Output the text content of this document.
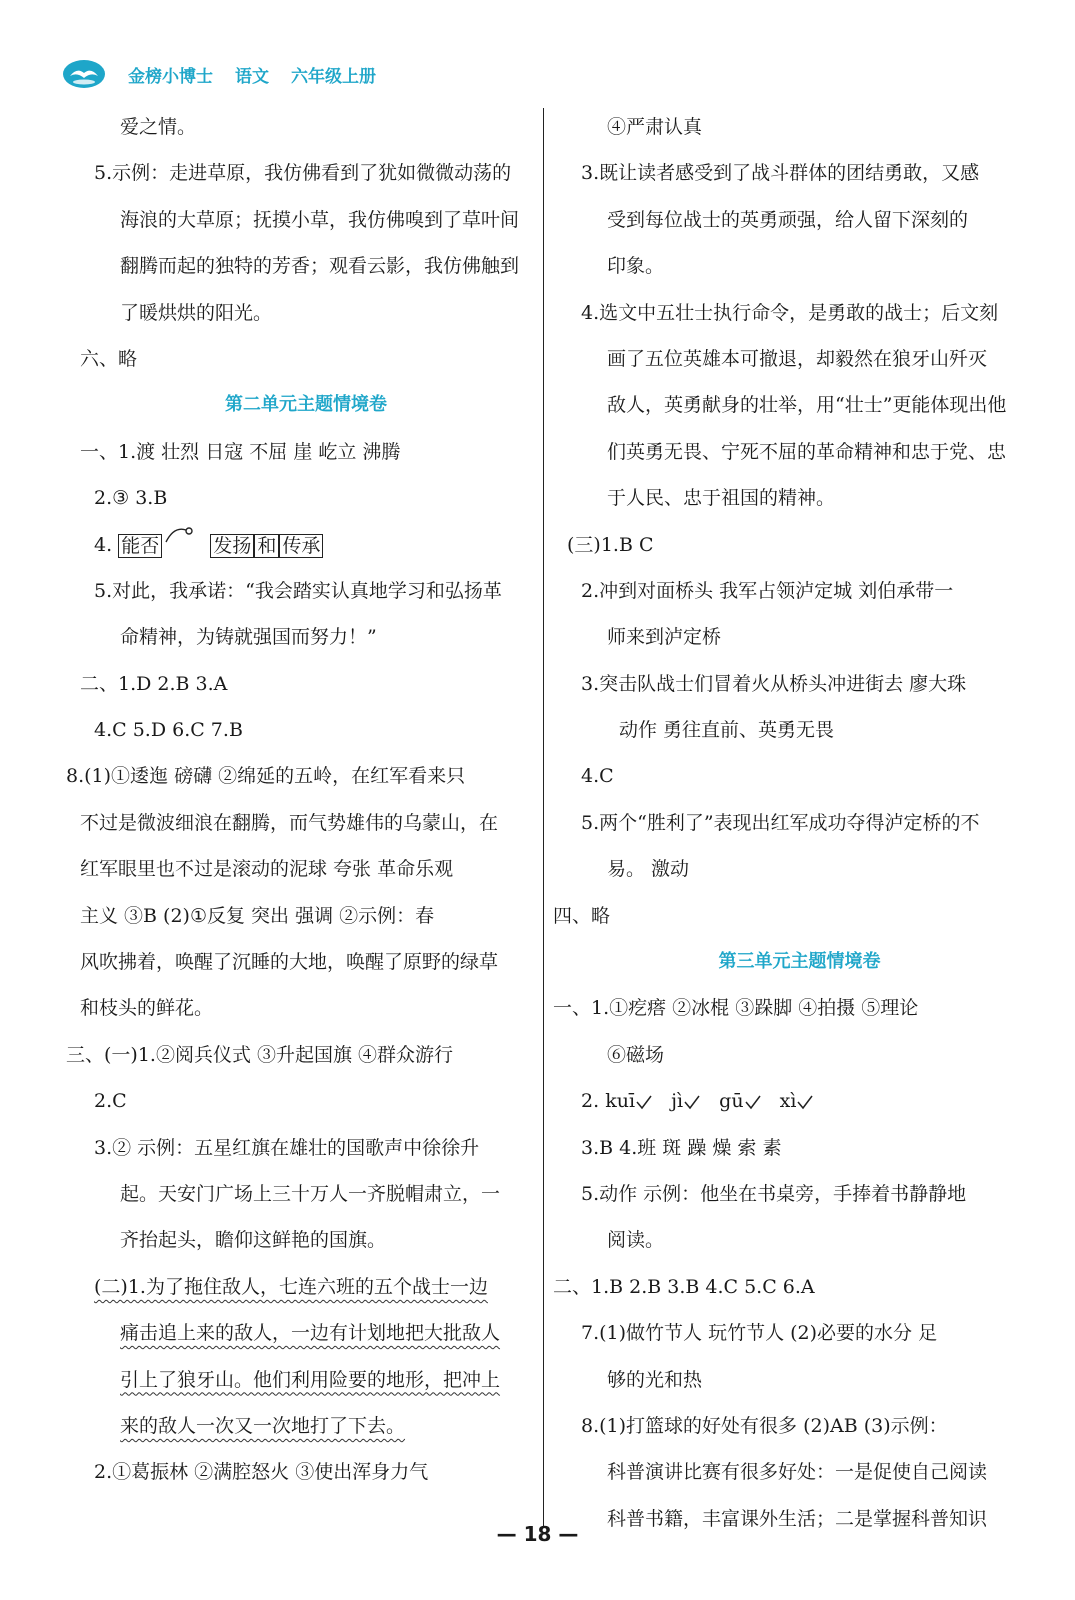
金榜小博士 语文 六年级上册
爱之情。
5.示例：走进草原，我仿佛看到了犹如微微动荡的
海浪的大草原；抚摸小草，我仿佛嗅到了草叶间
翻腾而起的独特的芳香；观看云影，我仿佛触到
了暖烘烘的阳光。
六、略
第二单元主题情境卷
一、1.渡 壮烈 日寇 不屈 崖 屹立 沸腾
2.③ 3.B
4. 能否	发扬 和 传承
5.对此，我承诺：“我会踏实认真地学习和弘扬革
命精神，为铸就强国而努力！”
二、1.D 2.B 3.A
4.C 5.D 6.C 7.B
8.(1)①逶迤 磅礴 ②绵延的五岭，在红军看来只
不过是微波细浪在翻腾，而气势雄伟的乌蒙山，在
红军眼里也不过是滚动的泥球 夸张 革命乐观
主义 ③B (2)①反复 突出 强调 ②示例：春
风吹拂着，唤醒了沉睡的大地，唤醒了原野的绿草
和枝头的鲜花。
三、(一)1.②阅兵仪式 ③升起国旗 ④群众游行
2.C
3.② 示例：五星红旗在雄壮的国歌声中徐徐升
起。天安门广场上三十万人一齐脱帽肃立，一
齐抬起头，瞻仰这鲜艳的国旗。
(二)1.为了拖住敌人，七连六班的五个战士一边
痛击追上来的敌人，一边有计划地把大批敌人
引上了狼牙山。他们利用险要的地形，把冲上
来的敌人一次又一次地打了下去。
2.①葛振林 ②满腔怒火 ③使出浑身力气
④严肃认真
3.既让读者感受到了战斗群体的团结勇敢，又感
受到每位战士的英勇顽强，给人留下深刻的
印象。
4.选文中五壮士执行命令，是勇敢的战士；后文刻
画了五位英雄本可撤退，却毅然在狼牙山歼灭
敌人，英勇献身的壮举，用“壮士”更能体现出他
们英勇无畏、宁死不屈的革命精神和忠于党、忠
于人民、忠于祖国的精神。
(三)1.B C
2.冲到对面桥头 我军占领泸定城 刘伯承带一
师来到泸定桥
3.突击队战士们冒着火从桥头冲进街去 廖大珠
动作 勇往直前、英勇无畏
4.C
5.两个“胜利了”表现出红军成功夺得泸定桥的不
易。 激动
四、略
第三单元主题情境卷
一、1.①疙瘩 ②冰棍 ③跺脚 ④拍摄 ⑤理论
⑥磁场
2. kuī jì gū xì
3.B 4.班 斑 躁 燥 索 素
5.动作 示例：他坐在书桌旁，手捧着书静静地
阅读。
二、1.B 2.B 3.B 4.C 5.C 6.A
7.(1)做竹节人 玩竹节人 (2)必要的水分 足
够的光和热
8.(1)打篮球的好处有很多 (2)AB (3)示例：
科普演讲比赛有很多好处：一是促使自己阅读
科普书籍，丰富课外生活；二是掌握科普知识
— 18 —
